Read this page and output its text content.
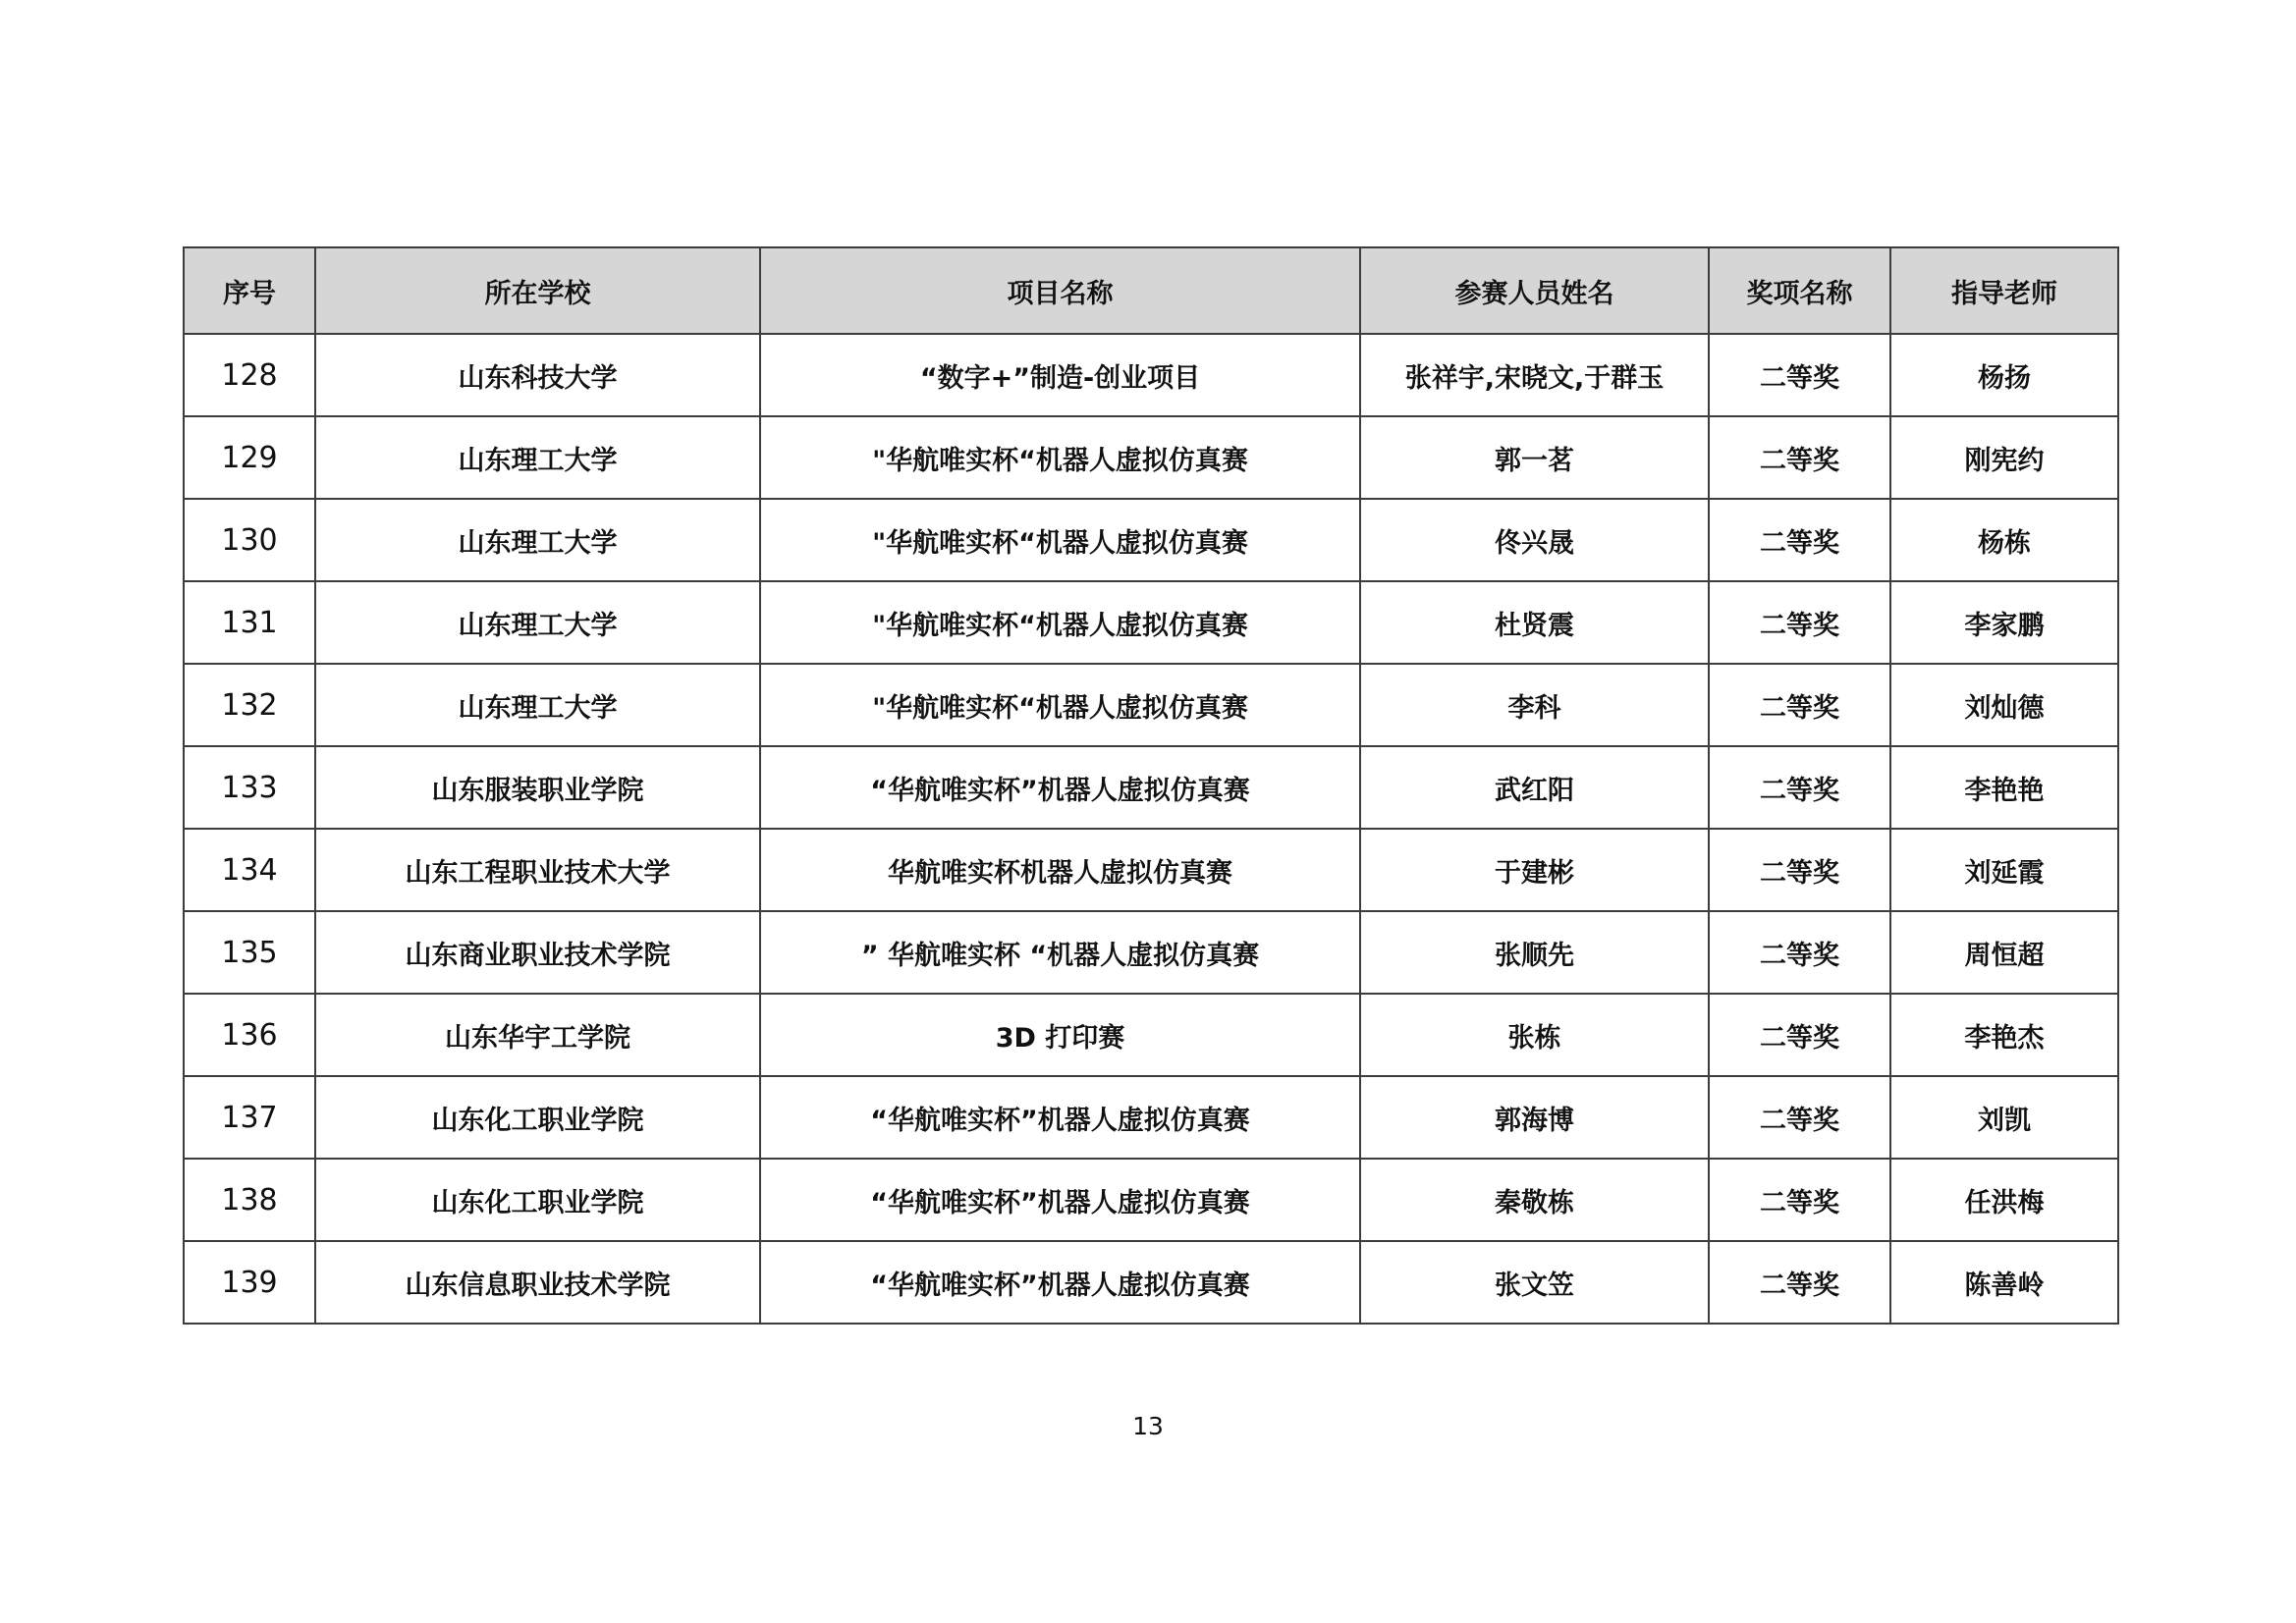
序号	所在学校	项目名称	参赛人员姓名	奖项名称	指导老师
128	山东科技大学	“数字+”制造-创业项目	张祥宇,宋晓文,于群玉	二等奖	杨扬
129	山东理工大学	"华航唯实杯“机器人虚拟仿真赛	郭一茗	二等奖	刚宪约
130	山东理工大学	"华航唯实杯“机器人虚拟仿真赛	佟兴晟	二等奖	杨栋
131	山东理工大学	"华航唯实杯“机器人虚拟仿真赛	杜贤震	二等奖	李家鹏
132	山东理工大学	"华航唯实杯“机器人虚拟仿真赛	李科	二等奖	刘灿德
133	山东服装职业学院	“华航唯实杯”机器人虚拟仿真赛	武红阳	二等奖	李艳艳
134	山东工程职业技术大学	华航唯实杯机器人虚拟仿真赛	于建彬	二等奖	刘延霞
135	山东商业职业技术学院	” 华航唯实杯 “机器人虚拟仿真赛	张顺先	二等奖	周恒超
136	山东华宇工学院	3D 打印赛	张栋	二等奖	李艳杰
137	山东化工职业学院	“华航唯实杯”机器人虚拟仿真赛	郭海博	二等奖	刘凯
138	山东化工职业学院	“华航唯实杯”机器人虚拟仿真赛	秦敬栋	二等奖	任洪梅
139	山东信息职业技术学院	“华航唯实杯”机器人虚拟仿真赛	张文笠	二等奖	陈善岭
13
